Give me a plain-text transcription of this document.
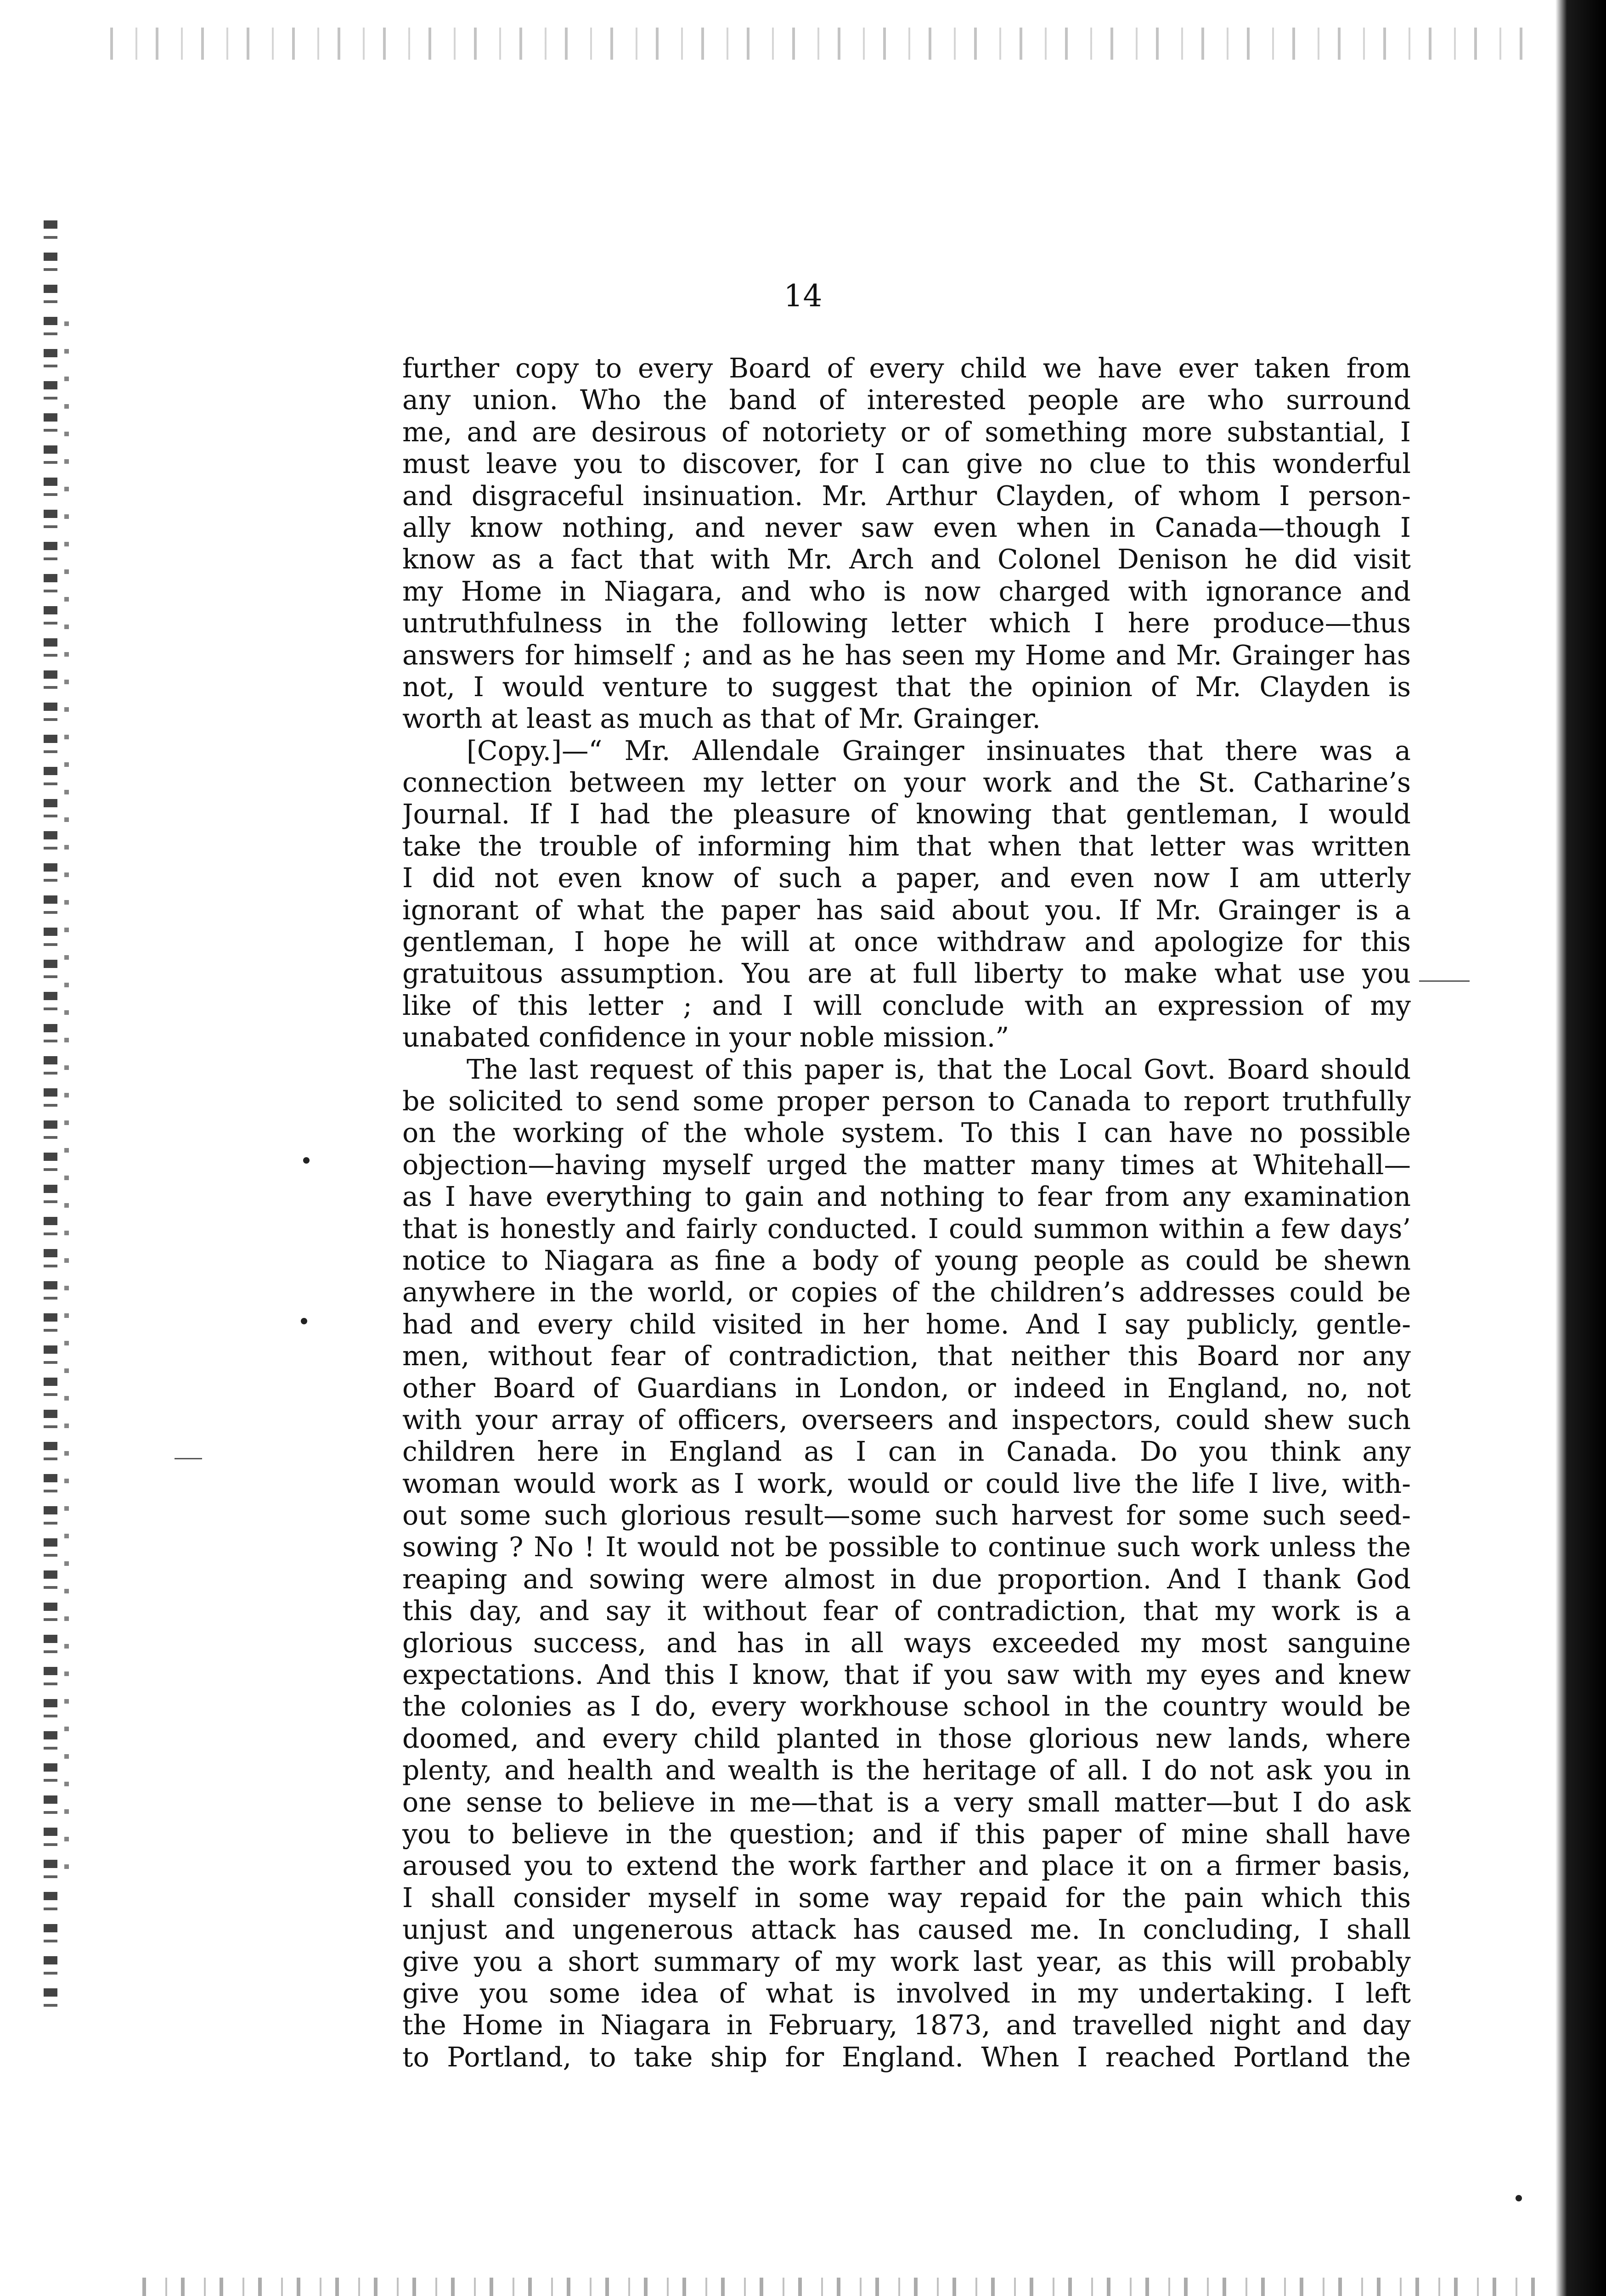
14
further copy to every Board of every child we have ever taken from
any union. Who the band of interested people are who surround
me, and are desirous of notoriety or of something more substantial, I
must leave you to discover, for I can give no clue to this wonderful
and disgraceful insinuation. Mr. Arthur Clayden, of whom I person-
ally know nothing, and never saw even when in Canada—though I
know as a fact that with Mr. Arch and Colonel Denison he did visit
my Home in Niagara, and who is now charged with ignorance and
untruthfulness in the following letter which I here produce—thus
answers for himself ; and as he has seen my Home and Mr. Grainger has
not, I would venture to suggest that the opinion of Mr. Clayden is
worth at least as much as that of Mr. Grainger.
[Copy.]—“ Mr. Allendale Grainger insinuates that there was a
connection between my letter on your work and the St. Catharine’s
Journal. If I had the pleasure of knowing that gentleman, I would
take the trouble of informing him that when that letter was written
I did not even know of such a paper, and even now I am utterly
ignorant of what the paper has said about you. If Mr. Grainger is a
gentleman, I hope he will at once withdraw and apologize for this
gratuitous assumption. You are at full liberty to make what use you
like of this letter ; and I will conclude with an expression of my
unabated confidence in your noble mission.”
The last request of this paper is, that the Local Govt. Board should
be solicited to send some proper person to Canada to report truthfully
on the working of the whole system. To this I can have no possible
objection—having myself urged the matter many times at Whitehall—
as I have everything to gain and nothing to fear from any examination
that is honestly and fairly conducted. I could summon within a few days’
notice to Niagara as fine a body of young people as could be shewn
anywhere in the world, or copies of the children’s addresses could be
had and every child visited in her home. And I say publicly, gentle-
men, without fear of contradiction, that neither this Board nor any
other Board of Guardians in London, or indeed in England, no, not
with your array of officers, overseers and inspectors, could shew such
children here in England as I can in Canada. Do you think any
woman would work as I work, would or could live the life I live, with-
out some such glorious result—some such harvest for some such seed-
sowing ? No ! It would not be possible to continue such work unless the
reaping and sowing were almost in due proportion. And I thank God
this day, and say it without fear of contradiction, that my work is a
glorious success, and has in all ways exceeded my most sanguine
expectations. And this I know, that if you saw with my eyes and knew
the colonies as I do, every workhouse school in the country would be
doomed, and every child planted in those glorious new lands, where
plenty, and health and wealth is the heritage of all. I do not ask you in
one sense to believe in me—that is a very small matter—but I do ask
you to believe in the question; and if this paper of mine shall have
aroused you to extend the work farther and place it on a firmer basis,
I shall consider myself in some way repaid for the pain which this
unjust and ungenerous attack has caused me. In concluding, I shall
give you a short summary of my work last year, as this will probably
give you some idea of what is involved in my undertaking. I left
the Home in Niagara in February, 1873, and travelled night and day
to Portland, to take ship for England. When I reached Portland the
